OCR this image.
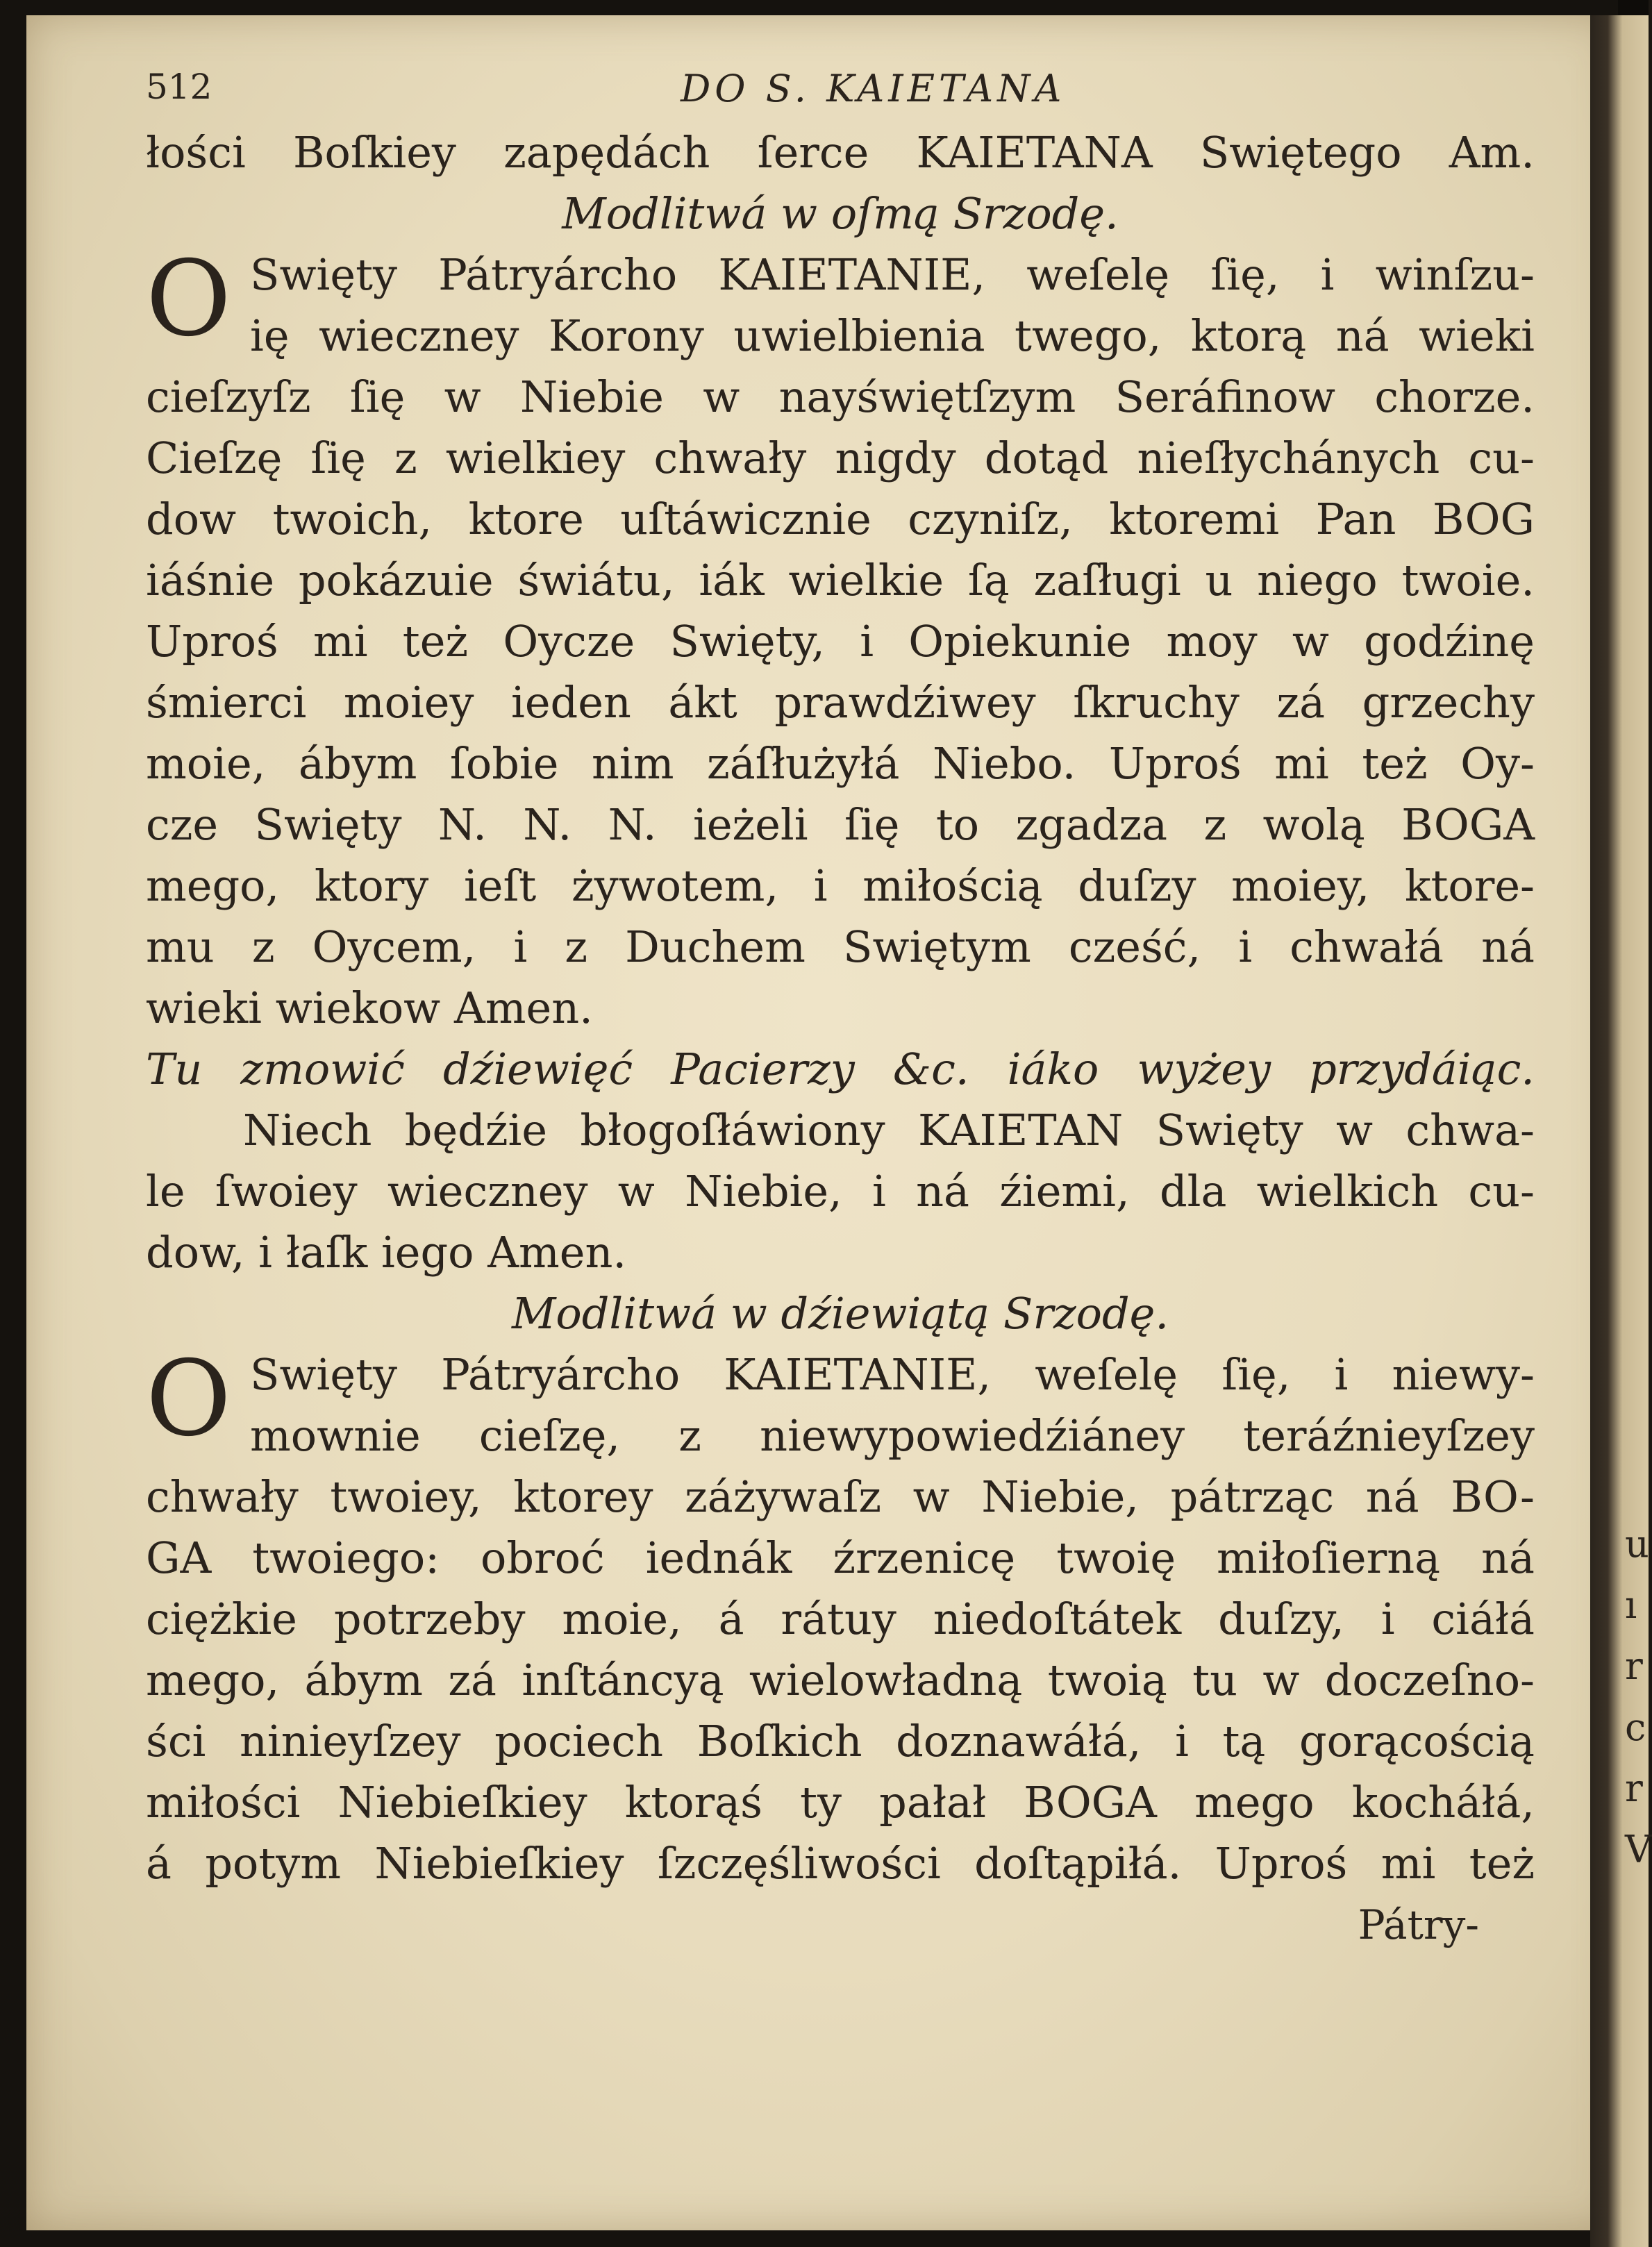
512	DO S. KAIETANA
łości Boſkiey zapędách ſerce KAIETANA Swiętego Am.
Modlitwá w oſmą Srzodę.
O Swięty Pátryárcho KAIETANIE, weſelę ſię, i winſzu-
ię wieczney Korony uwielbienia twego, ktorą ná wieki
cieſzyſz ſię w Niebie w nayświętſzym Seráfinow chorze.
Cieſzę ſię z wielkiey chwały nigdy dotąd nieſłychánych cu-
dow twoich, ktore uſtáwicznie czyniſz, ktoremi Pan BOG
iáśnie pokázuie świátu, iák wielkie ſą zaſługi u niego twoie.
Uproś mi też Oycze Swięty, i Opiekunie moy w godźinę
śmierci moiey ieden ákt prawdźiwey ſkruchy zá grzechy
moie, ábym ſobie nim záſłużyłá Niebo. Uproś mi też Oy-
cze Swięty N. N. N. ieżeli ſię to zgadza z wolą BOGA
mego, ktory ieſt żywotem, i miłością duſzy moiey, ktore-
mu z Oycem, i z Duchem Swiętym cześć, i chwałá ná
wieki wiekow Amen.
Tu zmowić dźiewięć Pacierzy &c. iáko wyżey przydáiąc.
Niech będźie błogoſłáwiony KAIETAN Swięty w chwa-
le ſwoiey wieczney w Niebie, i ná źiemi, dla wielkich cu-
dow, i łaſk iego Amen.
Modlitwá w dźiewiątą Srzodę.
O Swięty Pátryárcho KAIETANIE, weſelę ſię, i niewy-
mownie cieſzę, z niewypowiedźiáney teráźnieyſzey
chwały twoiey, ktorey záżywaſz w Niebie, pátrząc ná BO-
GA twoiego: obroć iednák źrzenicę twoię miłoſierną ná
ciężkie potrzeby moie, á rátuy niedoſtátek duſzy, i ciáłá
mego, ábym zá inſtáncyą wielowładną twoią tu w doczeſno-
ści ninieyſzey pociech Boſkich doznawáłá, i tą gorącością
miłości Niebieſkiey ktorąś ty pałał BOGA mego kocháłá,
á potym Niebieſkiey ſzczęśliwości doſtąpiłá. Uproś mi też
Pátry-
u
ı
r
c
r
V
